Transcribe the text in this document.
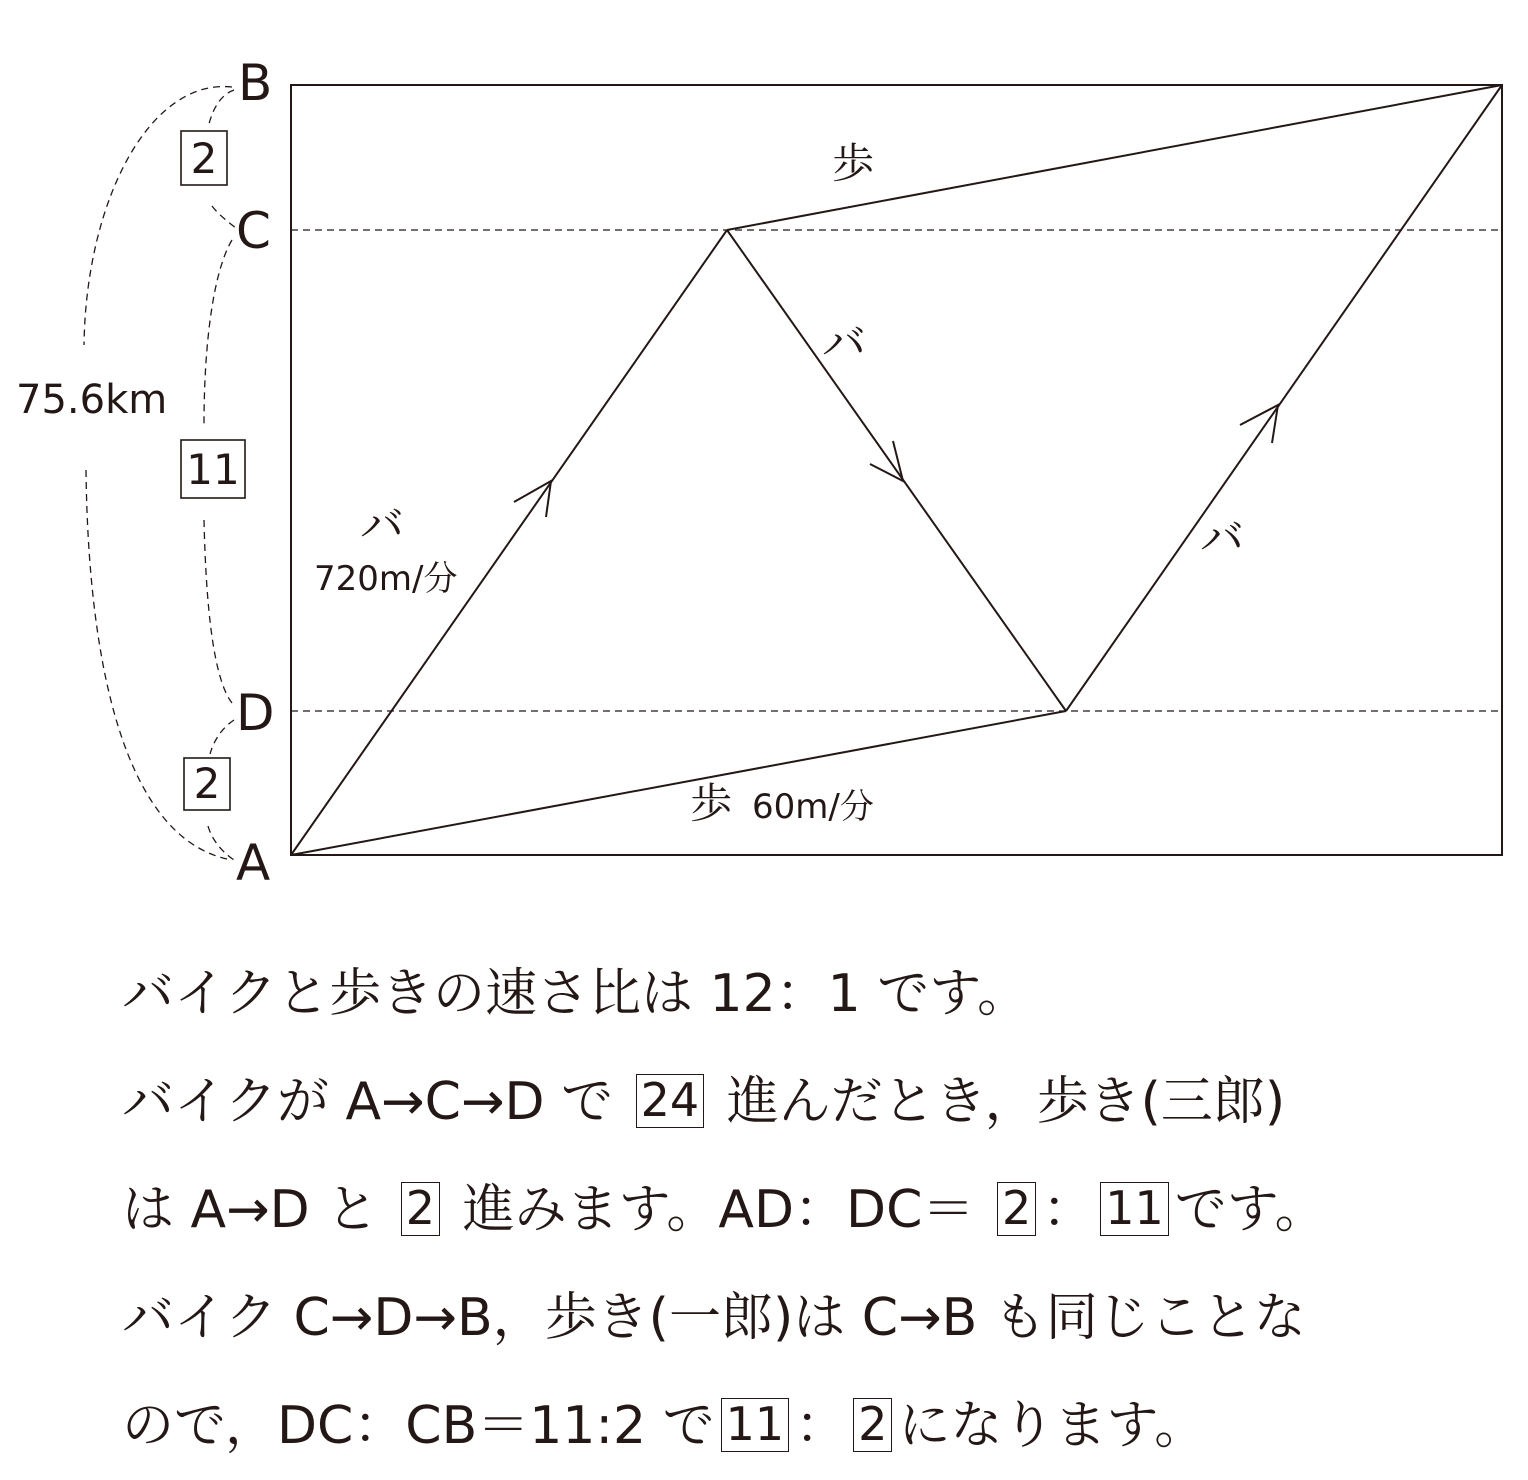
B
C
D
A
75.6km
2
11
2
歩
バ
バ
720m/分
バ
歩 60m/分
バイクと歩きの速さ比は 12：1 です。
バイクが A→C→D で 24 進んだとき，歩き(三郎)
は A→D と 2 進みます。AD：DC＝ 2 ： 11 です。
バイク C→D→B，歩き(一郎)は C→B も同じことな
ので，DC：CB＝11:2 で 11 ： 2 になります。
